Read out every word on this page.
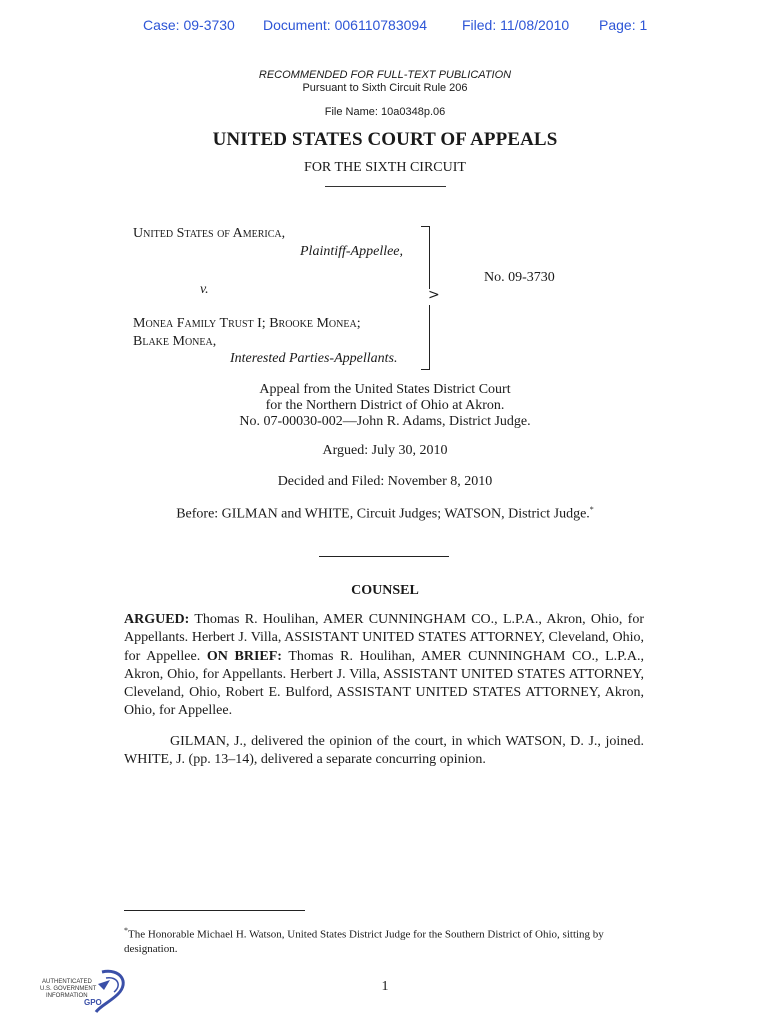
Case: 09-3730 Document: 006110783094	Filed: 11/08/2010 Page: 1
RECOMMENDED FOR FULL-TEXT PUBLICATION
Pursuant to Sixth Circuit Rule 206
File Name: 10a0348p.06
UNITED STATES COURT OF APPEALS
FOR THE SIXTH CIRCUIT
United States of America,
Plaintiff-Appellee,
v.
Monea Family Trust I; Brooke Monea;
Blake Monea,
Interested Parties-Appellants.
>
No. 09-3730
Appeal from the United States District Court
for the Northern District of Ohio at Akron.
No. 07-00030-002—John R. Adams, District Judge.
Argued: July 30, 2010
Decided and Filed: November 8, 2010
Before: GILMAN and WHITE, Circuit Judges; WATSON, District Judge.*
COUNSEL
ARGUED: Thomas R. Houlihan, AMER CUNNINGHAM CO., L.P.A., Akron, Ohio, for Appellants. Herbert J. Villa, ASSISTANT UNITED STATES ATTORNEY, Cleveland, Ohio, for Appellee. ON BRIEF: Thomas R. Houlihan, AMER CUNNINGHAM CO., L.P.A., Akron, Ohio, for Appellants. Herbert J. Villa, ASSISTANT UNITED STATES ATTORNEY, Cleveland, Ohio, Robert E. Bulford, ASSISTANT UNITED STATES ATTORNEY, Akron, Ohio, for Appellee.
GILMAN, J., delivered the opinion of the court, in which WATSON, D. J., joined. WHITE, J. (pp. 13–14), delivered a separate concurring opinion.
*The Honorable Michael H. Watson, United States District Judge for the Southern District of Ohio, sitting by designation.
1
AUTHENTICATED
U.S. GOVERNMENT
INFORMATION
GPO
